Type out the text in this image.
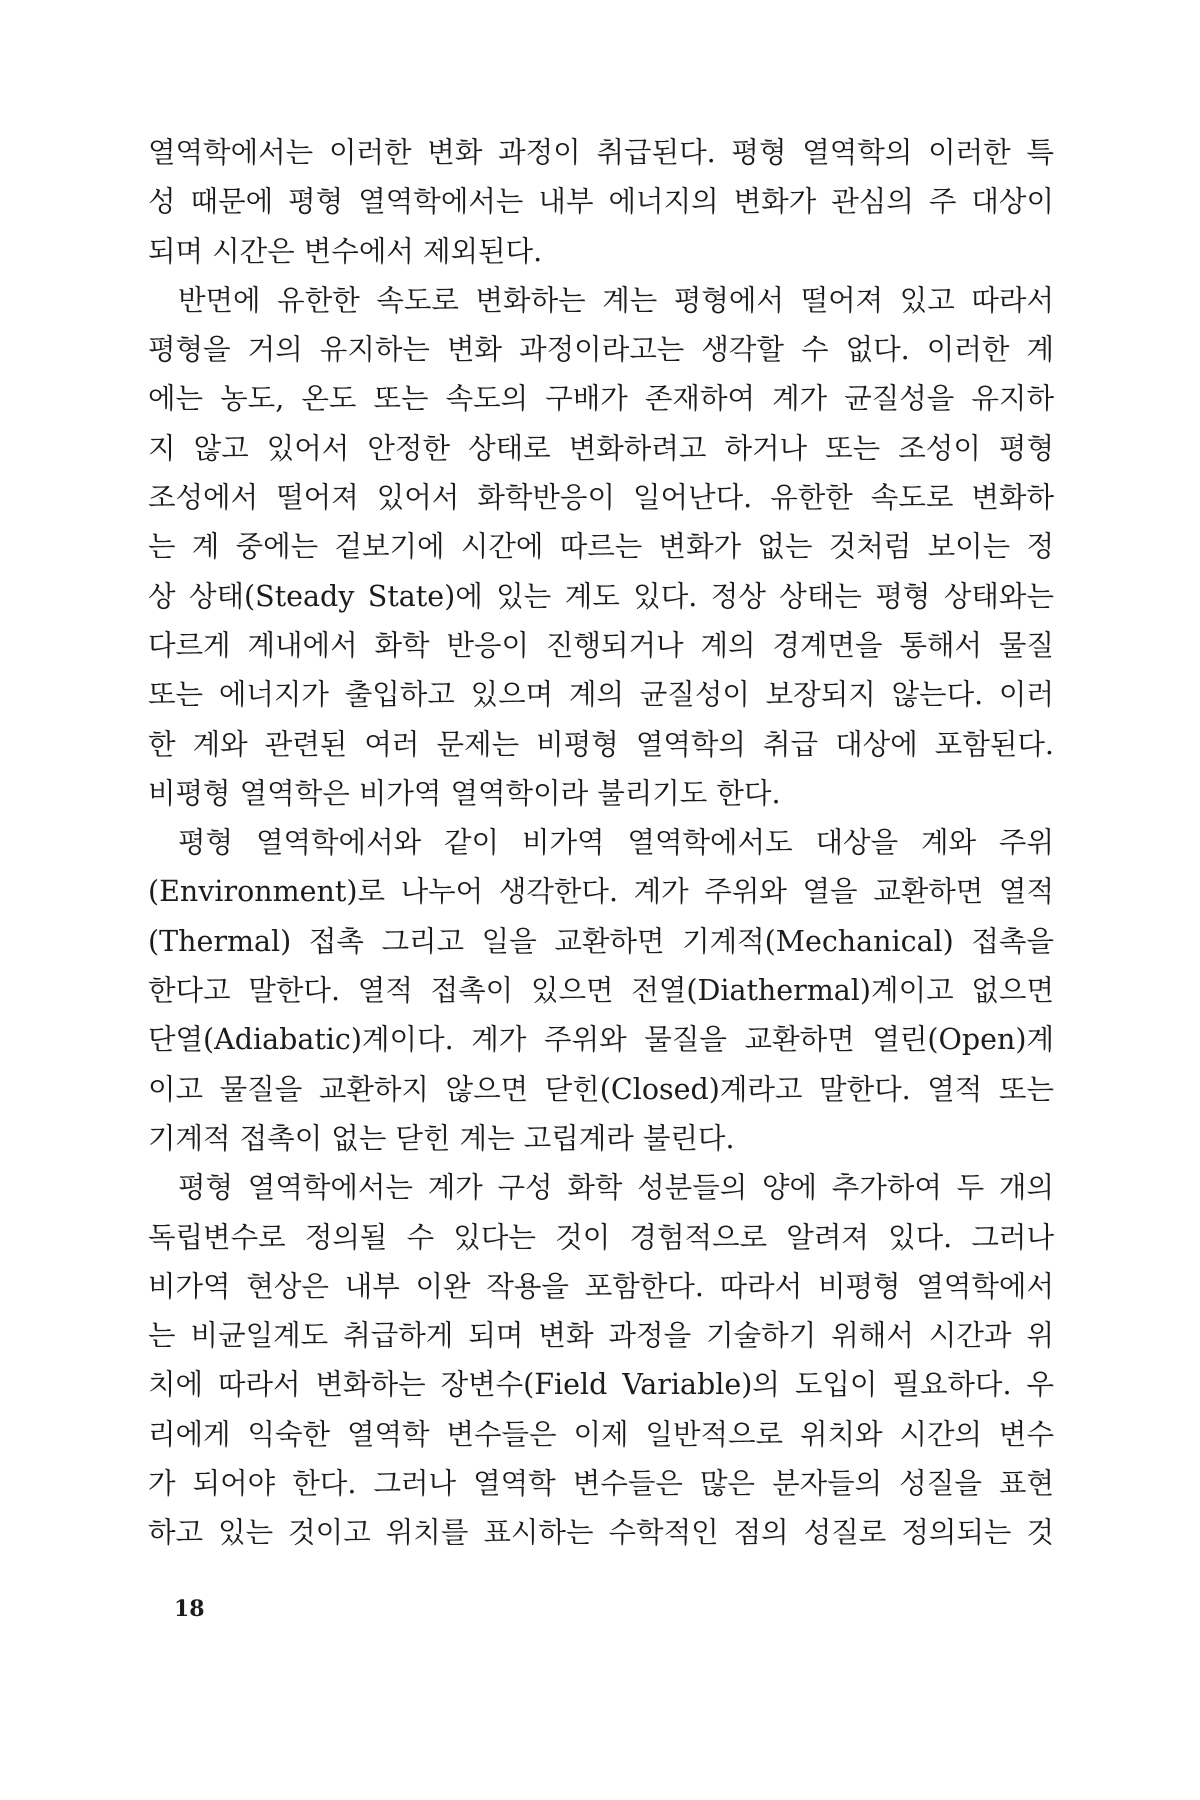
열역학에서는 이러한 변화 과정이 취급된다. 평형 열역학의 이러한 특
성 때문에 평형 열역학에서는 내부 에너지의 변화가 관심의 주 대상이
되며 시간은 변수에서 제외된다.
반면에 유한한 속도로 변화하는 계는 평형에서 떨어져 있고 따라서
평형을 거의 유지하는 변화 과정이라고는 생각할 수 없다. 이러한 계
에는 농도, 온도 또는 속도의 구배가 존재하여 계가 균질성을 유지하
지 않고 있어서 안정한 상태로 변화하려고 하거나 또는 조성이 평형
조성에서 떨어져 있어서 화학반응이 일어난다. 유한한 속도로 변화하
는 계 중에는 겉보기에 시간에 따르는 변화가 없는 것처럼 보이는 정
상 상태(Steady State)에 있는 계도 있다. 정상 상태는 평형 상태와는
다르게 계내에서 화학 반응이 진행되거나 계의 경계면을 통해서 물질
또는 에너지가 출입하고 있으며 계의 균질성이 보장되지 않는다. 이러
한 계와 관련된 여러 문제는 비평형 열역학의 취급 대상에 포함된다.
비평형 열역학은 비가역 열역학이라 불리기도 한다.
평형 열역학에서와 같이 비가역 열역학에서도 대상을 계와 주위
(Environment)로 나누어 생각한다. 계가 주위와 열을 교환하면 열적
(Thermal) 접촉 그리고 일을 교환하면 기계적(Mechanical) 접촉을
한다고 말한다. 열적 접촉이 있으면 전열(Diathermal)계이고 없으면
단열(Adiabatic)계이다. 계가 주위와 물질을 교환하면 열린(Open)계
이고 물질을 교환하지 않으면 닫힌(Closed)계라고 말한다. 열적 또는
기계적 접촉이 없는 닫힌 계는 고립계라 불린다.
평형 열역학에서는 계가 구성 화학 성분들의 양에 추가하여 두 개의
독립변수로 정의될 수 있다는 것이 경험적으로 알려져 있다. 그러나
비가역 현상은 내부 이완 작용을 포함한다. 따라서 비평형 열역학에서
는 비균일계도 취급하게 되며 변화 과정을 기술하기 위해서 시간과 위
치에 따라서 변화하는 장변수(Field Variable)의 도입이 필요하다. 우
리에게 익숙한 열역학 변수들은 이제 일반적으로 위치와 시간의 변수
가 되어야 한다. 그러나 열역학 변수들은 많은 분자들의 성질을 표현
하고 있는 것이고 위치를 표시하는 수학적인 점의 성질로 정의되는 것
18
